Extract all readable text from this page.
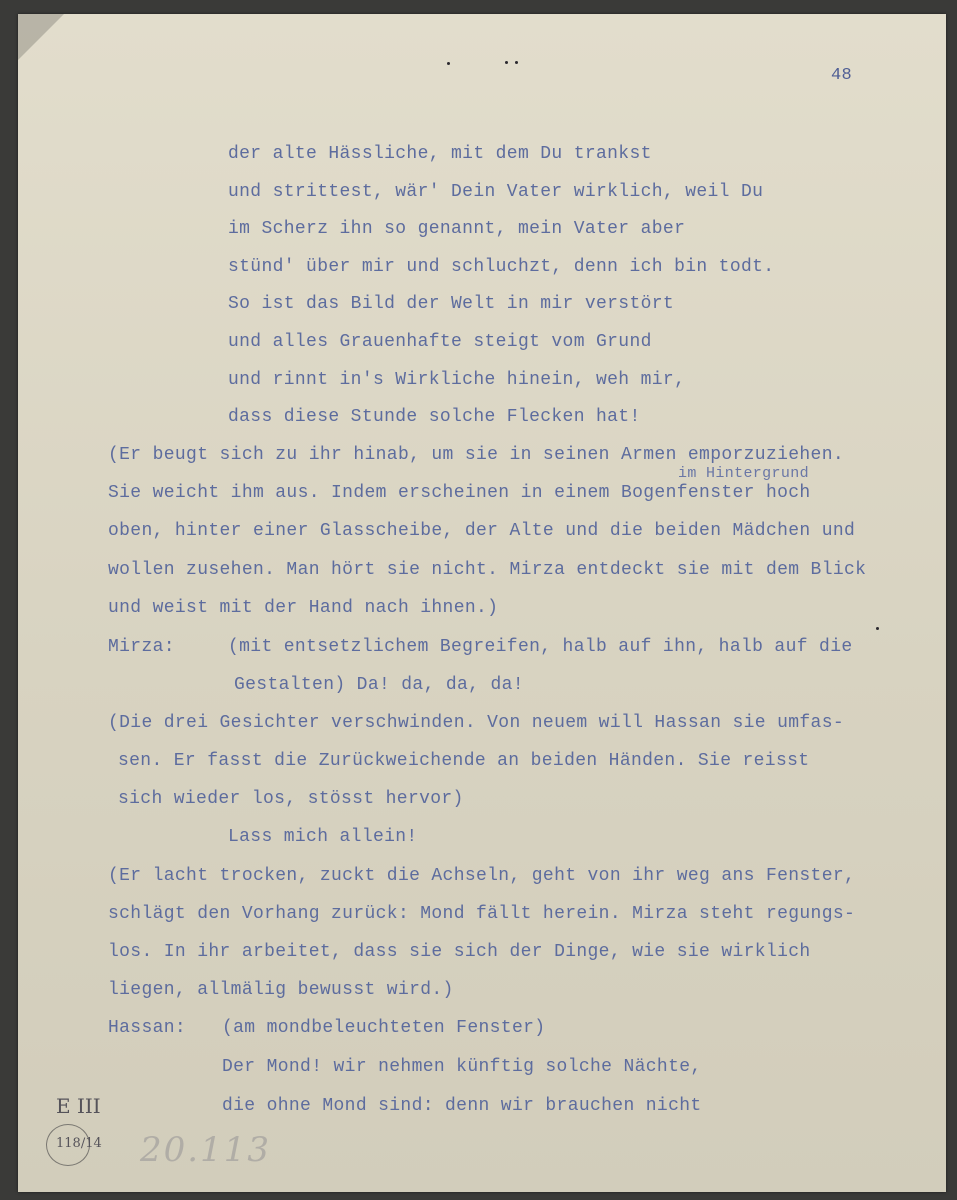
48
der alte Hässliche, mit dem Du trankst
und strittest, wär' Dein Vater wirklich, weil Du
im Scherz ihn so genannt, mein Vater aber
stünd' über mir und schluchzt, denn ich bin todt.
So ist das Bild der Welt in mir verstört
und alles Grauenhafte steigt vom Grund
und rinnt in's Wirkliche hinein, weh mir,
dass diese Stunde solche Flecken hat!
(Er beugt sich zu ihr hinab, um sie in seinen Armen emporzuziehen.
im Hintergrund
Sie weicht ihm aus. Indem erscheinen in einem Bogenfenster hoch
oben, hinter einer Glasscheibe, der Alte und die beiden Mädchen und
wollen zusehen. Man hört sie nicht. Mirza entdeckt sie mit dem Blick
und weist mit der Hand nach ihnen.)
Mirza:	(mit entsetzlichem Begreifen, halb auf ihn, halb auf die
Gestalten) Da! da, da, da!
(Die drei Gesichter verschwinden. Von neuem will Hassan sie umfas-
sen. Er fasst die Zurückweichende an beiden Händen. Sie reisst
sich wieder los, stösst hervor)
Lass mich allein!
(Er lacht trocken, zuckt die Achseln, geht von ihr weg ans Fenster,
schlägt den Vorhang zurück: Mond fällt herein. Mirza steht regungs-
los. In ihr arbeitet, dass sie sich der Dinge, wie sie wirklich
liegen, allmälig bewusst wird.)
Hassan: (am mondbeleuchteten Fenster)
Der Mond! wir nehmen künftig solche Nächte,
die ohne Mond sind: denn wir brauchen nicht
E III
118/14 20.113
